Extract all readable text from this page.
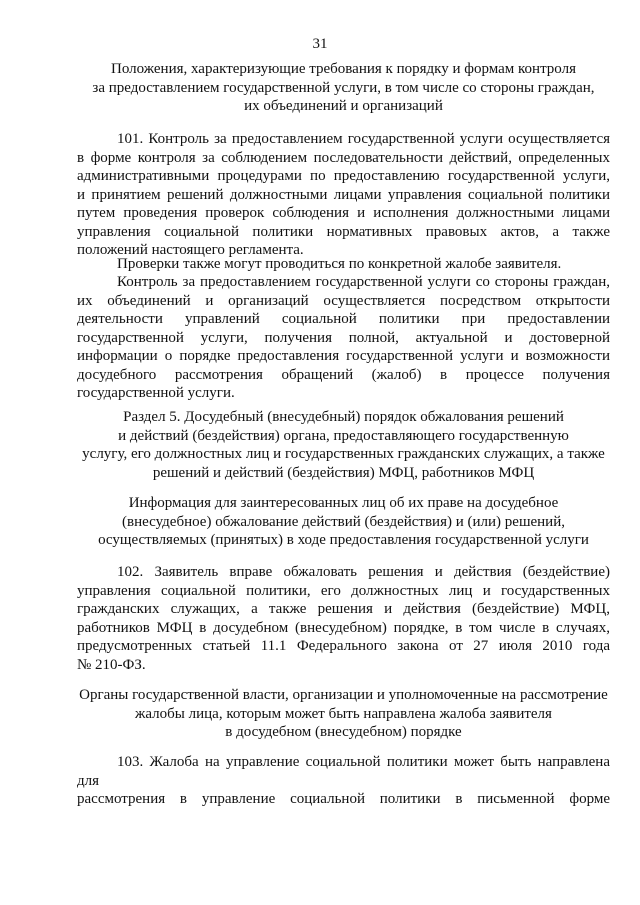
31
Положения, характеризующие требования к порядку и формам контроля
за предоставлением государственной услуги, в том числе со стороны граждан,
их объединений и организаций
101. Контроль за предоставлением государственной услуги осуществляется
в форме контроля за соблюдением последовательности действий, определенных
административными процедурами по предоставлению государственной услуги,
и принятием решений должностными лицами управления социальной политики
путем проведения проверок соблюдения и исполнения должностными лицами
управления социальной политики нормативных правовых актов, а также
положений настоящего регламента.
Проверки также могут проводиться по конкретной жалобе заявителя.
Контроль за предоставлением государственной услуги со стороны граждан,
их объединений и организаций осуществляется посредством открытости
деятельности управлений социальной политики при предоставлении
государственной услуги, получения полной, актуальной и достоверной
информации о порядке предоставления государственной услуги и возможности
досудебного рассмотрения обращений (жалоб) в процессе получения
государственной услуги.
Раздел 5. Досудебный (внесудебный) порядок обжалования решений
и действий (бездействия) органа, предоставляющего государственную
услугу, его должностных лиц и государственных гражданских служащих, а также
решений и действий (бездействия) МФЦ, работников МФЦ
Информация для заинтересованных лиц об их праве на досудебное
(внесудебное) обжалование действий (бездействия) и (или) решений,
осуществляемых (принятых) в ходе предоставления государственной услуги
102. Заявитель вправе обжаловать решения и действия (бездействие)
управления социальной политики, его должностных лиц и государственных
гражданских служащих, а также решения и действия (бездействие) МФЦ,
работников МФЦ в досудебном (внесудебном) порядке, в том числе в случаях,
предусмотренных статьей 11.1 Федерального закона от 27 июля 2010 года
№ 210-ФЗ.
Органы государственной власти, организации и уполномоченные на рассмотрение
жалобы лица, которым может быть направлена жалоба заявителя
в досудебном (внесудебном) порядке
103. Жалоба на управление социальной политики может быть направлена для
рассмотрения в управление социальной политики в письменной форме
